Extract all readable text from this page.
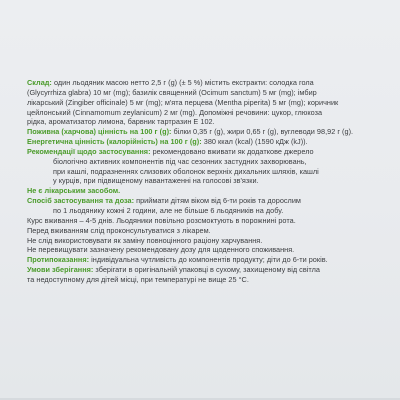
Склад: один льодяник масою нетто 2,5 г (g) (± 5 %) містить екстракти: солодка гола

(Glycyrrhiza glabra) 10 мг (mg); базилік священний (Ocimum sanctum) 5 мг (mg); імбир

лікарський (Zingiber officinale) 5 мг (mg); м'ята перцева (Mentha piperita) 5 мг (mg); коричник

цейлонський (Cinnamomum zeylanicum) 2 мг (mg). Допоміжні речовини: цукор, глюкоза

рідка, ароматизатор лимона, барвник тартразин Е 102.

Поживна (харчова) цінність на 100 г (g): білки 0,35 г (g), жири 0,65 г (g), вуглеводи 98,92 г (g).

Енергетична цінність (калорійність) на 100 г (g): 380 ккал (kcal) (1590 кДж (kJ)).

Рекомендації щодо застосування: рекомендовано вживати як додаткове джерело

біологічно активних компонентів під час сезонних застудних захворювань,

при кашлі, подразненнях слизових оболонок верхніх дихальних шляхів, кашлі

у курців, при підвищеному навантаженні на голосові зв'язки.

Не є лікарським засобом.

Спосіб застосування та доза: приймати дітям віком від 6-ти років та дорослим

по 1 льодянику кожні 2 години, але не більше 6 льодяників на добу.

Курс вживання – 4-5 днів. Льодяники повільно розсмоктують в порожнині рота.

Перед вживанням слід проконсультуватися з лікарем.

Не слід використовувати як заміну повноцінного раціону харчування.

Не перевищувати зазначену рекомендовану дозу для щоденного споживання.

Протипоказання: індивідуальна чутливість до компонентів продукту; діти до 6-ти років.

Умови зберігання: зберігати в оригінальній упаковці в сухому, захищеному від світла

та недоступному для дітей місці, при температурі не вище 25 °С.
